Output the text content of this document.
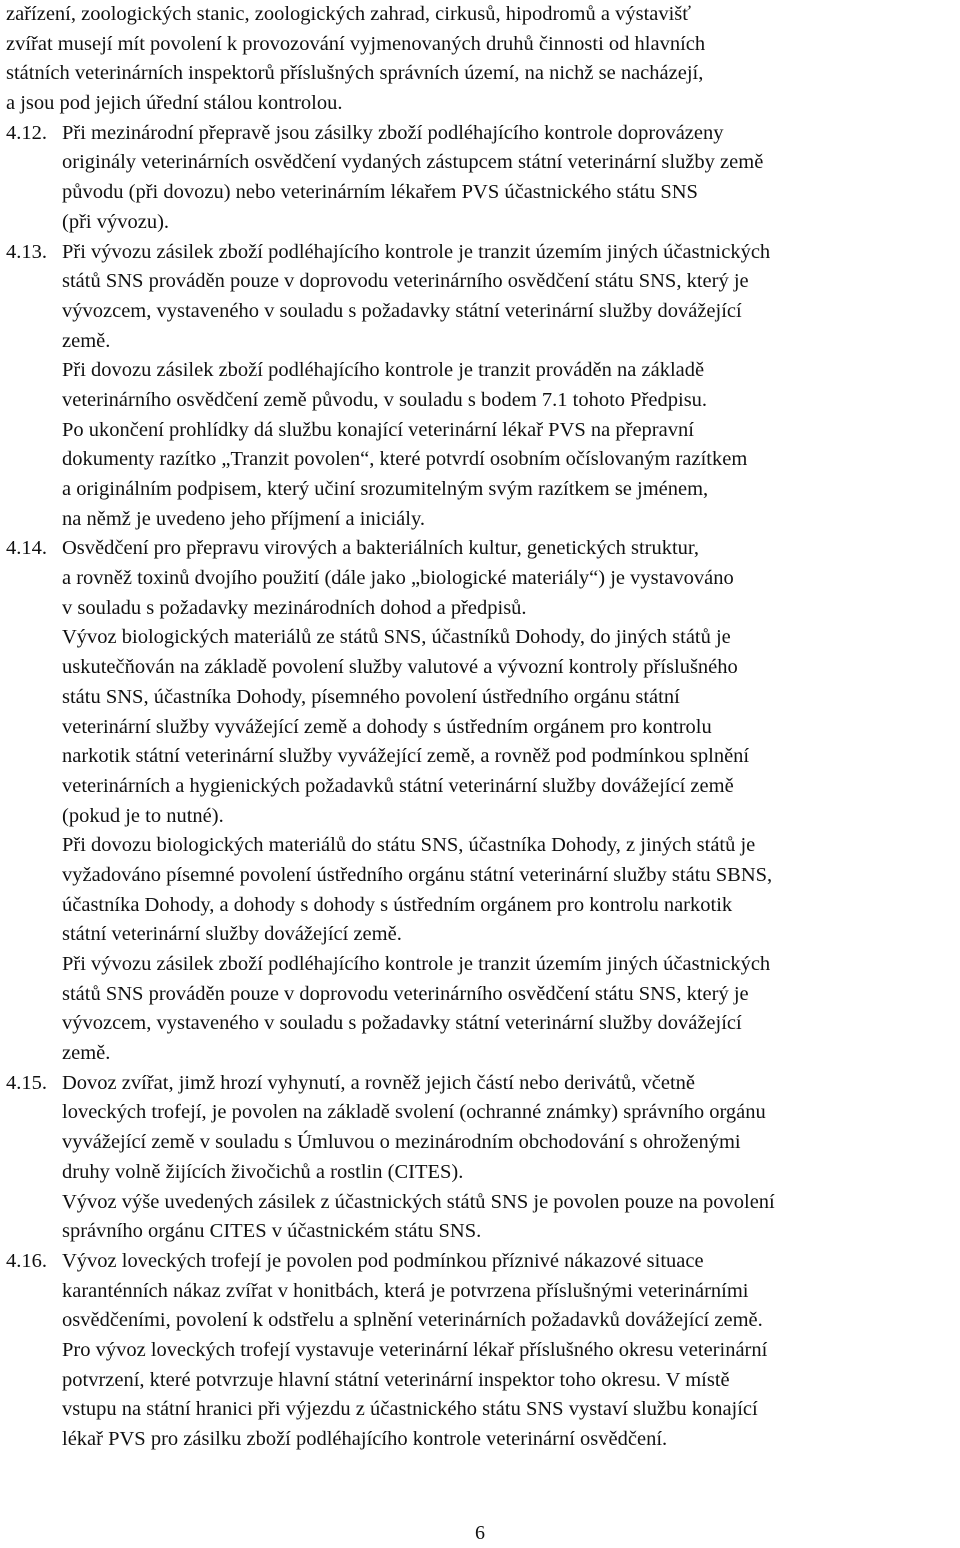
zařízení, zoologických stanic, zoologických zahrad, cirkusů, hipodromů a výstavišť
zvířat musejí mít povolení k provozování vyjmenovaných druhů činnosti od hlavních
státních veterinárních inspektorů příslušných správních území, na nichž se nacházejí,
a jsou pod jejich úřední stálou kontrolou.
4.12. Při mezinárodní přepravě jsou zásilky zboží podléhajícího kontrole doprovázeny
originály veterinárních osvědčení vydaných zástupcem státní veterinární služby země
původu (při dovozu) nebo veterinárním lékařem PVS účastnického státu SNS
(při vývozu).
4.13. Při vývozu zásilek zboží podléhajícího kontrole je tranzit územím jiných účastnických
států SNS prováděn pouze v doprovodu veterinárního osvědčení státu SNS, který je
vývozcem, vystaveného v souladu s požadavky státní veterinární služby dovážející
země.
Při dovozu zásilek zboží podléhajícího kontrole je tranzit prováděn na základě
veterinárního osvědčení země původu, v souladu s bodem 7.1 tohoto Předpisu.
Po ukončení prohlídky dá službu konající veterinární lékař PVS na přepravní
dokumenty razítko „Tranzit povolen“, které potvrdí osobním očíslovaným razítkem
a originálním podpisem, který učiní srozumitelným svým razítkem se jménem,
na němž je uvedeno jeho příjmení a iniciály.
4.14. Osvědčení pro přepravu virových a bakteriálních kultur, genetických struktur,
a rovněž toxinů dvojího použití (dále jako „biologické materiály“) je vystavováno
v souladu s požadavky mezinárodních dohod a předpisů.
Vývoz biologických materiálů ze států SNS, účastníků Dohody, do jiných států je
uskutečňován na základě povolení služby valutové a vývozní kontroly příslušného
státu SNS, účastníka Dohody, písemného povolení ústředního orgánu státní
veterinární služby vyvážející země a dohody s ústředním orgánem pro kontrolu
narkotik státní veterinární služby vyvážející země, a rovněž pod podmínkou splnění
veterinárních a hygienických požadavků státní veterinární služby dovážející země
(pokud je to nutné).
Při dovozu biologických materiálů do státu SNS, účastníka Dohody, z jiných států je
vyžadováno písemné povolení ústředního orgánu státní veterinární služby státu SBNS,
účastníka Dohody, a dohody s dohody s ústředním orgánem pro kontrolu narkotik
státní veterinární služby dovážející země.
Při vývozu zásilek zboží podléhajícího kontrole je tranzit územím jiných účastnických
států SNS prováděn pouze v doprovodu veterinárního osvědčení státu SNS, který je
vývozcem, vystaveného v souladu s požadavky státní veterinární služby dovážející
země.
4.15. Dovoz zvířat, jimž hrozí vyhynutí, a rovněž jejich částí nebo derivátů, včetně
loveckých trofejí, je povolen na základě svolení (ochranné známky) správního orgánu
vyvážející země v souladu s Úmluvou o mezinárodním obchodování s ohroženými
druhy volně žijících živočichů a rostlin (CITES).
Vývoz výše uvedených zásilek z účastnických států SNS je povolen pouze na povolení
správního orgánu CITES v účastnickém státu SNS.
4.16. Vývoz loveckých trofejí je povolen pod podmínkou příznivé nákazové situace
karanténních nákaz zvířat v honitbách, která je potvrzena příslušnými veterinárními
osvědčeními, povolení k odstřelu a splnění veterinárních požadavků dovážející země.
Pro vývoz loveckých trofejí vystavuje veterinární lékař příslušného okresu veterinární
potvrzení, které potvrzuje hlavní státní veterinární inspektor toho okresu. V místě
vstupu na státní hranici při výjezdu z účastnického státu SNS vystaví službu konající
lékař PVS pro zásilku zboží podléhajícího kontrole veterinární osvědčení.
6
